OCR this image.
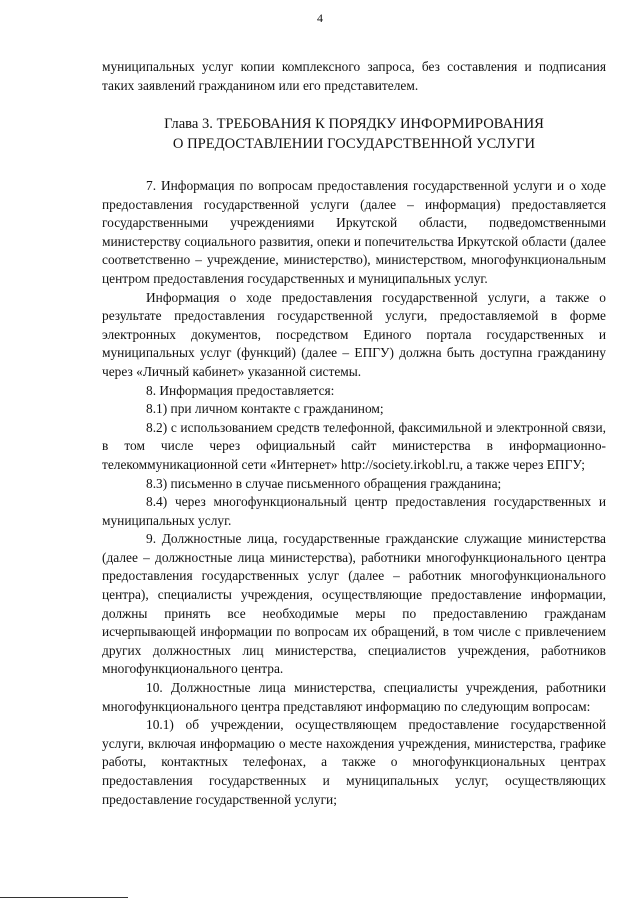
4

муниципальных услуг копии комплексного запроса, без составления и подписания таких заявлений гражданином или его представителем.

Глава 3. ТРЕБОВАНИЯ К ПОРЯДКУ ИНФОРМИРОВАНИЯ
О ПРЕДОСТАВЛЕНИИ ГОСУДАРСТВЕННОЙ УСЛУГИ

7. Информация по вопросам предоставления государственной услуги и о ходе предоставления государственной услуги (далее – информация) предоставляется государственными учреждениями Иркутской области, подведомственными министерству социального развития, опеки и попечительства Иркутской области (далее соответственно – учреждение, министерство), министерством, многофункциональным центром предоставления государственных и муниципальных услуг.

Информация о ходе предоставления государственной услуги, а также о результате предоставления государственной услуги, предоставляемой в форме электронных документов, посредством Единого портала государственных и муниципальных услуг (функций) (далее – ЕПГУ) должна быть доступна гражданину через «Личный кабинет» указанной системы.

8. Информация предоставляется:

8.1) при личном контакте с гражданином;

8.2) с использованием средств телефонной, факсимильной и электронной связи, в том числе через официальный сайт министерства в информационно-телекоммуникационной сети «Интернет» http://society.irkobl.ru, а также через ЕПГУ;

8.3) письменно в случае письменного обращения гражданина;

8.4) через многофункциональный центр предоставления государственных и муниципальных услуг.

9. Должностные лица, государственные гражданские служащие министерства (далее – должностные лица министерства), работники многофункционального центра предоставления государственных услуг (далее – работник многофункционального центра), специалисты учреждения, осуществляющие предоставление информации, должны принять все необходимые меры по предоставлению гражданам исчерпывающей информации по вопросам их обращений, в том числе с привлечением других должностных лиц министерства, специалистов учреждения, работников многофункционального центра.

10. Должностные лица министерства, специалисты учреждения, работники многофункционального центра представляют информацию по следующим вопросам:

10.1) об учреждении, осуществляющем предоставление государственной услуги, включая информацию о месте нахождения учреждения, министерства, графике работы, контактных телефонах, а также о многофункциональных центрах предоставления государственных и муниципальных услуг, осуществляющих предоставление государственной услуги;
